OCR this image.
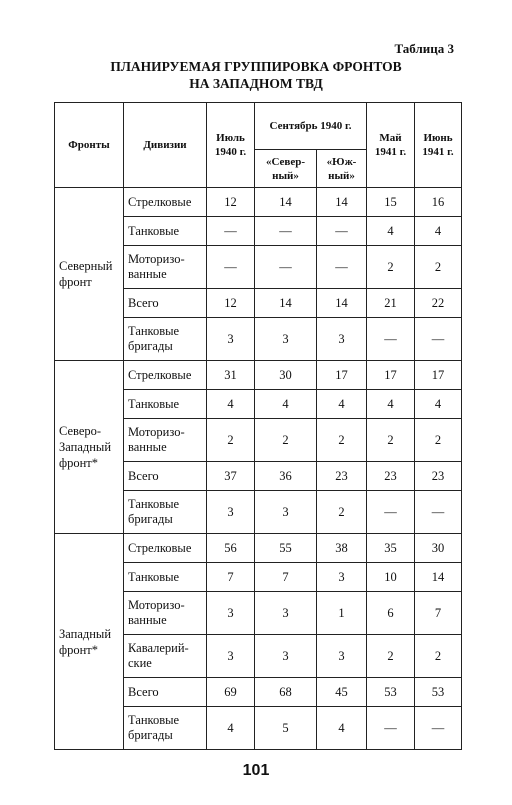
Таблица 3
ПЛАНИРУЕМАЯ ГРУППИРОВКА ФРОНТОВ
НА ЗАПАДНОМ ТВД
Фронты	Дивизии	Июль 1940 г.	Сентябрь 1940 г.		Май 1941 г.	Июнь 1941 г.
			«Север-ный»	«Юж-ный»		
Северный фронт	Стрелковые	12	14	14	15	16
	Танковые	—	—	—	4	4
	Моторизо-ванные	—	—	—	2	2
	Всего	12	14	14	21	22
	Танковые бригады	3	3	3	—	—
Северо-Западный фронт*	Стрелковые	31	30	17	17	17
	Танковые	4	4	4	4	4
	Моторизо-ванные	2	2	2	2	2
	Всего	37	36	23	23	23
	Танковые бригады	3	3	2	—	—
Западный фронт*	Стрелковые	56	55	38	35	30
	Танковые	7	7	3	10	14
	Моторизо-ванные	3	3	1	6	7
	Кавалерий-ские	3	3	3	2	2
	Всего	69	68	45	53	53
	Танковые бригады	4	5	4	—	—
101
